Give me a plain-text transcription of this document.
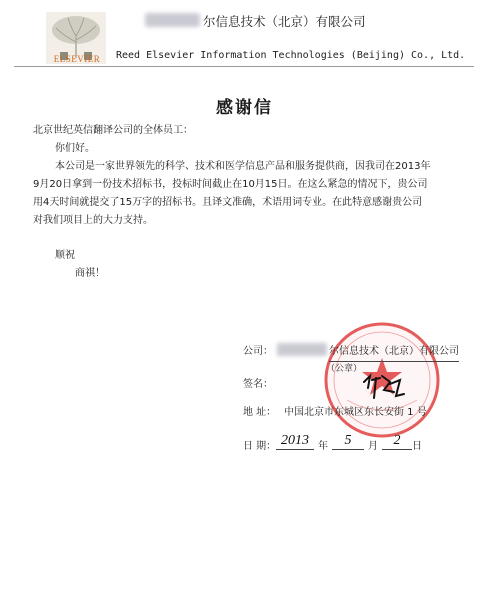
ELSEVIER
尔信息技术（北京）有限公司
Reed Elsevier Information Technologies (Beijing) Co., Ltd.
感谢信
北京世纪英信翻译公司的全体员工：
你们好。
本公司是一家世界领先的科学、技术和医学信息产品和服务提供商，因我司在2013年
9月20日拿到一份技术招标书，投标时间截止在10月15日。在这么紧急的情况下，贵公司
用4天时间就提交了15万字的招标书。且译文准确，术语用词专业。在此特意感谢贵公司
对我们项目上的大力支持。
顺祝
商祺！
公司：	尔信息技术（北京）有限公司
（公章）
签名：
地 址： 中国北京市东城区东长安街 1 号
日 期： 2013 年	5	月	2	日
